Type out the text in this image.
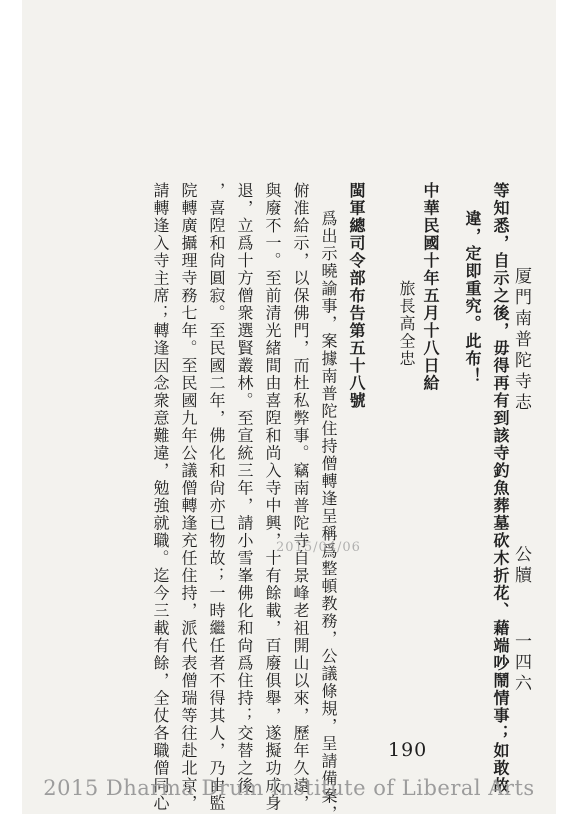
厦門南普陀寺志
公牘
一四六
等知悉，自示之後，毋得再有到該寺釣魚葬墓砍木折花、藉端吵鬧情事；如敢故
違，定即重究。此布！
中華民國十年五月十八日給
旅長高全忠
閩軍總司令部布告第五十八號
爲出示曉諭事，案據南普陀住持僧轉逢呈稱爲整頓教務，公議條規，呈請備案，
俯准給示，以保佛門，而杜私弊事。竊南普陀寺自景峰老祖開山以來，歷年久遠，
與廢不一。至前清光緒間由喜隉和尚入寺中興，十有餘載，百廢俱舉，遂擬功成身
退，立爲十方僧衆選賢叢林。至宣統三年，請小雪峯佛化和尙爲住持；交替之後
，喜隉和尙圓寂。至民國二年，佛化和尙亦已物故；一時繼任者不得其人，乃由監
院轉廣攝理寺務七年。至民國九年公議僧轉逢充任住持，派代表僧瑞等往赴北京，
請轉逢入寺主席；轉逢因念衆意難違，勉強就職。迄今三載有餘，全仗各職僧同心	2015/04/06
190
2015 Dharma Drum Institute of Liberal Arts
